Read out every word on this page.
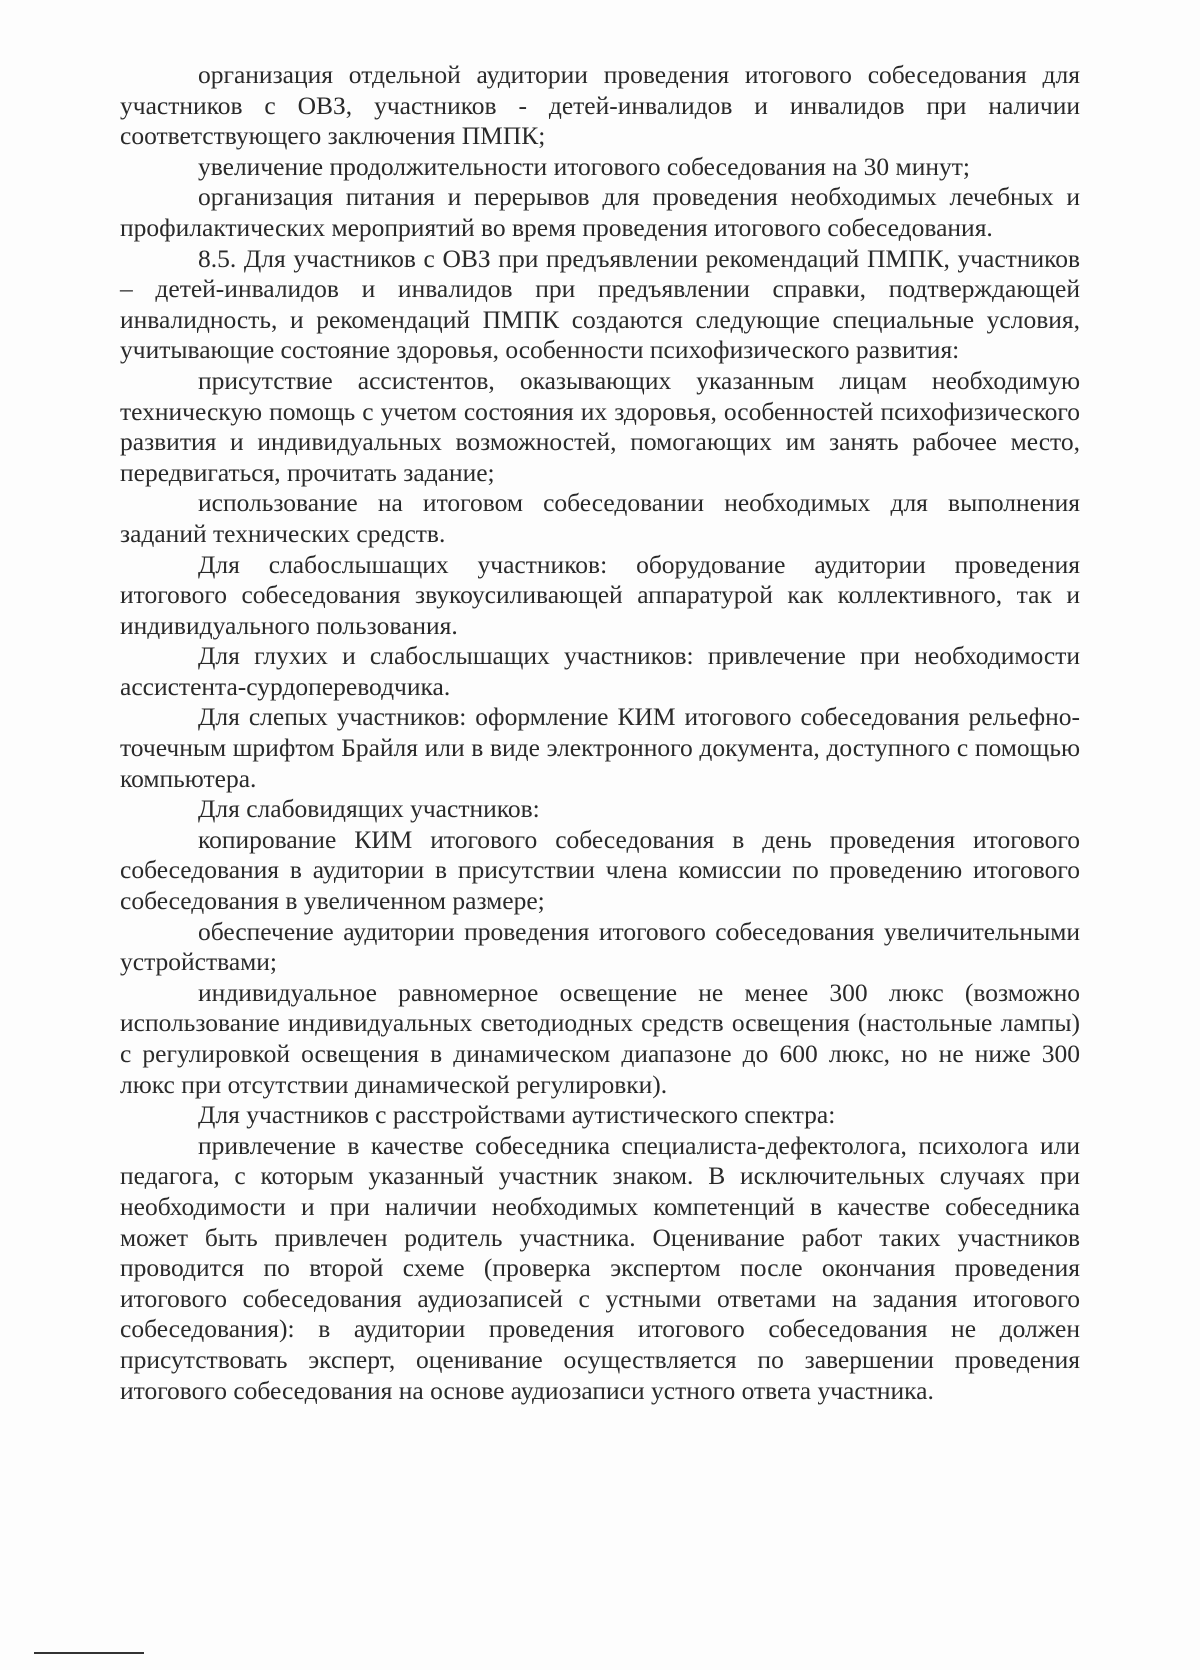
организация отдельной аудитории проведения итогового собеседования для участников с ОВЗ, участников - детей-инвалидов и инвалидов при наличии соответствующего заключения ПМПК;

увеличение продолжительности итогового собеседования на 30 минут;

организация питания и перерывов для проведения необходимых лечебных и профилактических мероприятий во время проведения итогового собеседования.

8.5. Для участников с ОВЗ при предъявлении рекомендаций ПМПК, участников – детей-инвалидов и инвалидов при предъявлении справки, подтверждающей инвалидность, и рекомендаций ПМПК создаются следующие специальные условия, учитывающие состояние здоровья, особенности психофизического развития:

присутствие ассистентов, оказывающих указанным лицам необходимую техническую помощь с учетом состояния их здоровья, особенностей психофизического развития и индивидуальных возможностей, помогающих им занять рабочее место, передвигаться, прочитать задание;

использование на итоговом собеседовании необходимых для выполнения заданий технических средств.

Для слабослышащих участников: оборудование аудитории проведения итогового собеседования звукоусиливающей аппаратурой как коллективного, так и индивидуального пользования.

Для глухих и слабослышащих участников: привлечение при необходимости ассистента-сурдопереводчика.

Для слепых участников: оформление КИМ итогового собеседования рельефно-точечным шрифтом Брайля или в виде электронного документа, доступного с помощью компьютера.

Для слабовидящих участников:

копирование КИМ итогового собеседования в день проведения итогового собеседования в аудитории в присутствии члена комиссии по проведению итогового собеседования в увеличенном размере;

обеспечение аудитории проведения итогового собеседования увеличительными устройствами;

индивидуальное равномерное освещение не менее 300 люкс (возможно использование индивидуальных светодиодных средств освещения (настольные лампы) с регулировкой освещения в динамическом диапазоне до 600 люкс, но не ниже 300 люкс при отсутствии динамической регулировки).

Для участников с расстройствами аутистического спектра:

привлечение в качестве собеседника специалиста-дефектолога, психолога или педагога, с которым указанный участник знаком. В исключительных случаях при необходимости и при наличии необходимых компетенций в качестве собеседника может быть привлечен родитель участника. Оценивание работ таких участников проводится по второй схеме (проверка экспертом после окончания проведения итогового собеседования аудиозаписей с устными ответами на задания итогового собеседования): в аудитории проведения итогового собеседования не должен присутствовать эксперт, оценивание осуществляется по завершении проведения итогового собеседования на основе аудиозаписи устного ответа участника.
